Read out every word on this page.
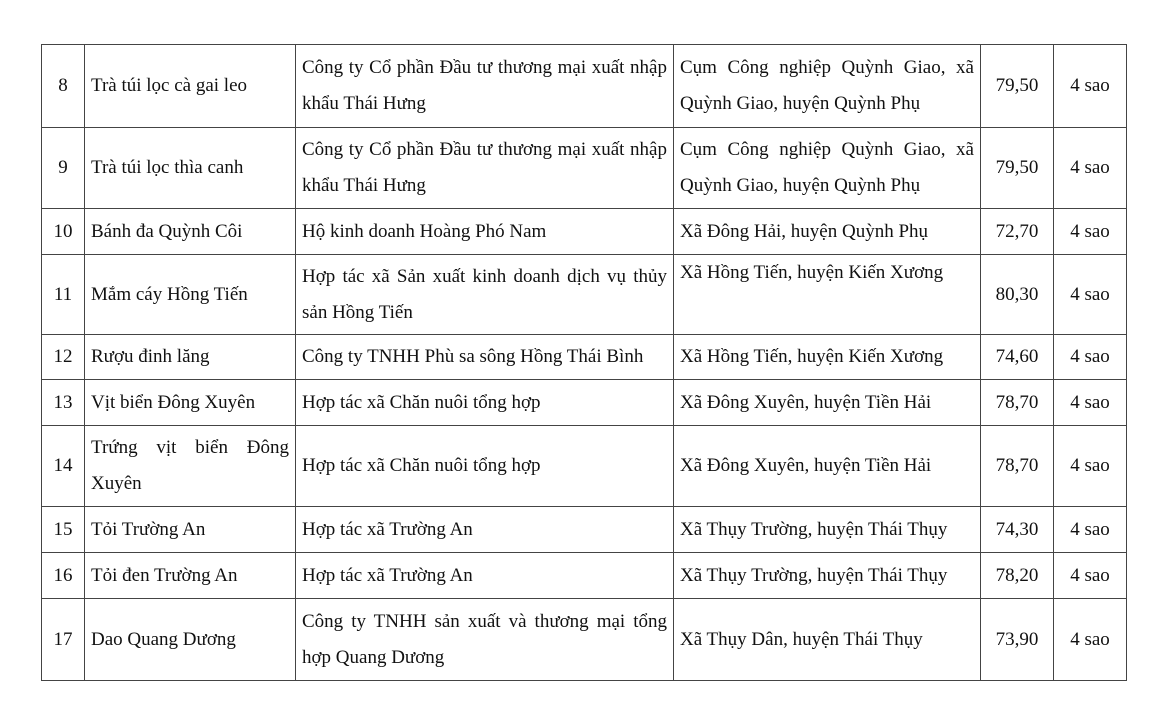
8	Trà túi lọc cà gai leo	Công ty Cổ phần Đầu tư thương mại xuất nhập khẩu Thái Hưng	Cụm Công nghiệp Quỳnh Giao, xã Quỳnh Giao, huyện Quỳnh Phụ	79,50	4 sao
9	Trà túi lọc thìa canh	Công ty Cổ phần Đầu tư thương mại xuất nhập khẩu Thái Hưng	Cụm Công nghiệp Quỳnh Giao, xã Quỳnh Giao, huyện Quỳnh Phụ	79,50	4 sao
10	Bánh đa Quỳnh Côi	Hộ kinh doanh Hoàng Phó Nam	Xã Đông Hải, huyện Quỳnh Phụ	72,70	4 sao
11	Mắm cáy Hồng Tiến	Hợp tác xã Sản xuất kinh doanh dịch vụ thủy sản Hồng Tiến	Xã Hồng Tiến, huyện Kiến Xương	80,30	4 sao
12	Rượu đinh lăng	Công ty TNHH Phù sa sông Hồng Thái Bình	Xã Hồng Tiến, huyện Kiến Xương	74,60	4 sao
13	Vịt biển Đông Xuyên	Hợp tác xã Chăn nuôi tổng hợp	Xã Đông Xuyên, huyện Tiền Hải	78,70	4 sao
14	Trứng vịt biển Đông Xuyên	Hợp tác xã Chăn nuôi tổng hợp	Xã Đông Xuyên, huyện Tiền Hải	78,70	4 sao
15	Tỏi Trường An	Hợp tác xã Trường An	Xã Thụy Trường, huyện Thái Thụy	74,30	4 sao
16	Tỏi đen Trường An	Hợp tác xã Trường An	Xã Thụy Trường, huyện Thái Thụy	78,20	4 sao
17	Dao Quang Dương	Công ty TNHH sản xuất và thương mại tổng hợp Quang Dương	Xã Thụy Dân, huyện Thái Thụy	73,90	4 sao
